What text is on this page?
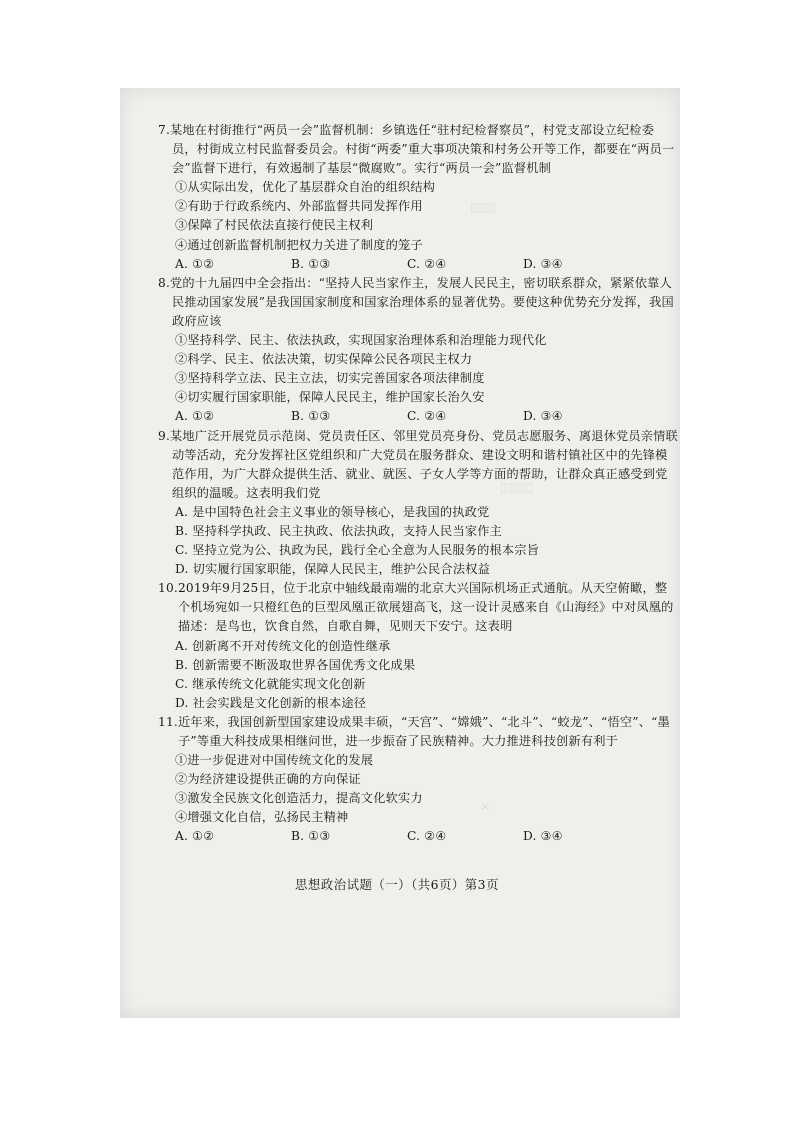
7.某地在村街推行“两员一会”监督机制：乡镇选任“驻村纪检督察员”，村党支部设立纪检委员，村街成立村民监督委员会。村街“两委”重大事项决策和村务公开等工作，都要在“两员一会”监督下进行，有效遏制了基层“微腐败”。实行“两员一会”监督机制

①从实际出发，优化了基层群众自治的组织结构

②有助于行政系统内、外部监督共同发挥作用

③保障了村民依法直接行使民主权利

④通过创新监督机制把权力关进了制度的笼子

A. ①②	B. ①③	C. ②④	D. ③④

8.党的十九届四中全会指出：“坚持人民当家作主，发展人民民主，密切联系群众，紧紧依靠人民推动国家发展”是我国国家制度和国家治理体系的显著优势。要使这种优势充分发挥，我国政府应该

①坚持科学、民主、依法执政，实现国家治理体系和治理能力现代化

②科学、民主、依法决策，切实保障公民各项民主权力

③坚持科学立法、民主立法，切实完善国家各项法律制度

④切实履行国家职能，保障人民民主，维护国家长治久安

A. ①②	B. ①③	C. ②④	D. ③④

9.某地广泛开展党员示范岗、党员责任区、邻里党员亮身份、党员志愿服务、离退休党员亲情联动等活动，充分发挥社区党组织和广大党员在服务群众、建设文明和谐村镇社区中的先锋模范作用，为广大群众提供生活、就业、就医、子女人学等方面的帮助，让群众真正感受到党组织的温暖。这表明我们党

A. 是中国特色社会主义事业的领导核心，是我国的执政党

B. 坚持科学执政、民主执政、依法执政，支持人民当家作主

C. 坚持立党为公、执政为民，践行全心全意为人民服务的根本宗旨

D. 切实履行国家职能，保障人民民主，维护公民合法权益

10.2019年9月25日，位于北京中轴线最南端的北京大兴国际机场正式通航。从天空俯瞰，整个机场宛如一只橙红色的巨型凤凰正欲展翅高飞，这一设计灵感来自《山海经》中对凤凰的描述：是鸟也，饮食自然，自歌自舞，见则天下安宁。这表明

A. 创新离不开对传统文化的创造性继承

B. 创新需要不断汲取世界各国优秀文化成果

C. 继承传统文化就能实现文化创新

D. 社会实践是文化创新的根本途径

11.近年来，我国创新型国家建设成果丰硕，“天宫”、“嫦娥”、“北斗”、“蛟龙”、“悟空”、“墨子”等重大科技成果相继问世，进一步振奋了民族精神。大力推进科技创新有利于

①进一步促进对中国传统文化的发展

②为经济建设提供正确的方向保证

③激发全民族文化创造活力，提高文化软实力

④增强文化自信，弘扬民主精神

A. ①②	B. ①③	C. ②④	D. ③④
思想政治试题（一）（共6页）第3页
